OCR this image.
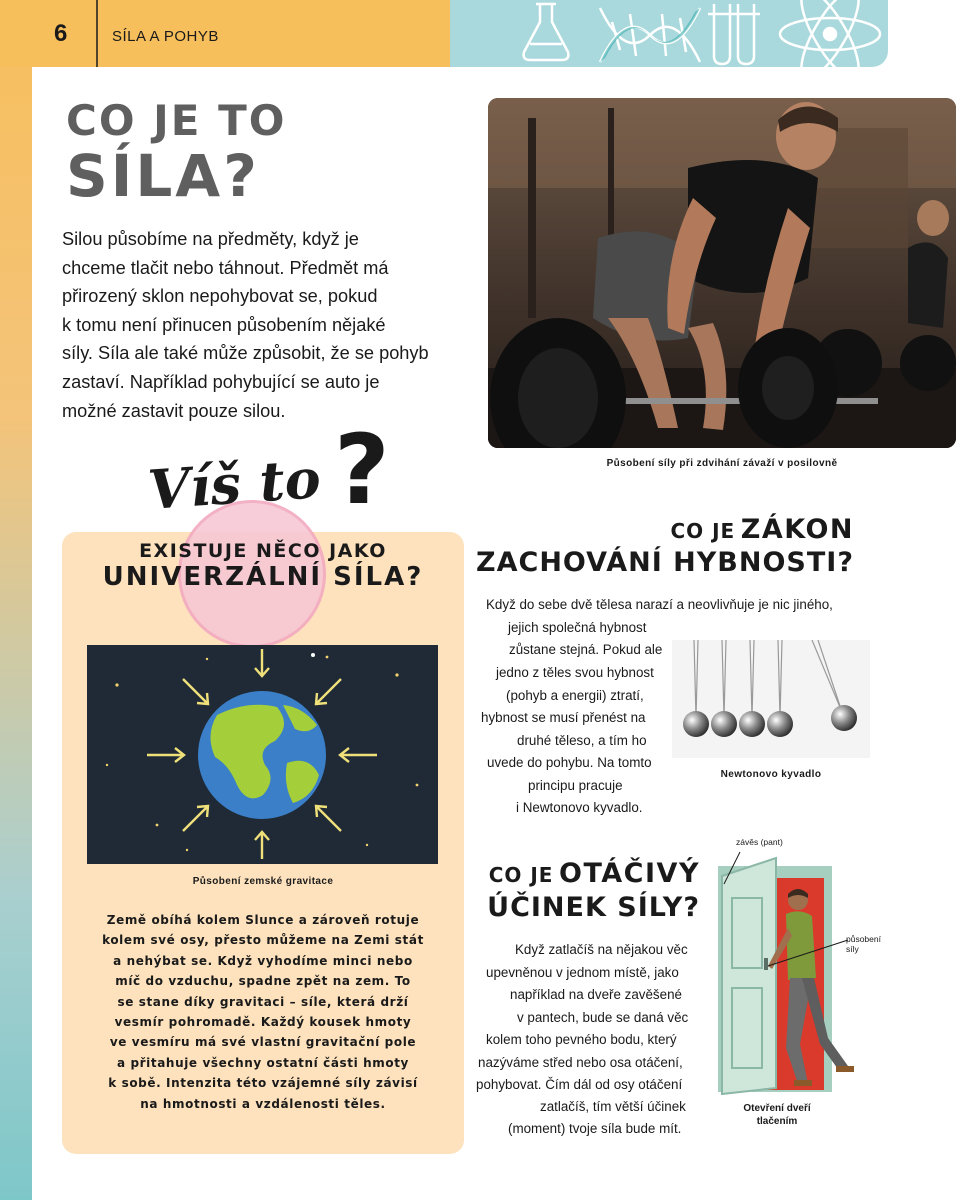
6	SÍLA A POHYB
CO JE TO
SÍLA?
Silou působíme na předměty, když je
chceme tlačit nebo táhnout. Předmět má
přirozený sklon nepohybovat se, pokud
k tomu není přinucen působením nějaké
síly. Síla ale také může způsobit, že se pohyb
zastaví. Například pohybující se auto je
možné zastavit pouze silou.
Působení síly při zdvihání závaží v posilovně
Víš to ?
EXISTUJE NĚCO JAKO
UNIVERZÁLNÍ SÍLA?
Působení zemské gravitace
Země obíhá kolem Slunce a zároveň rotuje
kolem své osy, přesto můžeme na Zemi stát
a nehýbat se. Když vyhodíme minci nebo
míč do vzduchu, spadne zpět na zem. To
se stane díky gravitaci – síle, která drží
vesmír pohromadě. Každý kousek hmoty
ve vesmíru má své vlastní gravitační pole
a přitahuje všechny ostatní části hmoty
k sobě. Intenzita této vzájemné síly závisí
na hmotnosti a vzdálenosti těles.
CO JE ZÁKON
ZACHOVÁNÍ HYBNOSTI?
Když do sebe dvě tělesa narazí a neovlivňuje je nic jiného,
jejich společná hybnost
zůstane stejná. Pokud ale
jedno z těles svou hybnost
(pohyb a energii) ztratí,
hybnost se musí přenést na
druhé těleso, a tím ho
uvede do pohybu. Na tomto
principu pracuje
i Newtonovo kyvadlo.
Newtonovo kyvadlo
CO JE OTÁČIVÝ
ÚČINEK SÍLY?
Když zatlačíš na nějakou věc
upevněnou v jednom místě, jako
například na dveře zavěšené
v pantech, bude se daná věc
kolem toho pevného bodu, který
nazýváme střed nebo osa otáčení,
pohybovat. Čím dál od osy otáčení
zatlačíš, tím větší účinek
(moment) tvoje síla bude mít.
závěs (pant)
působení
síly
Otevření dveří
tlačením
